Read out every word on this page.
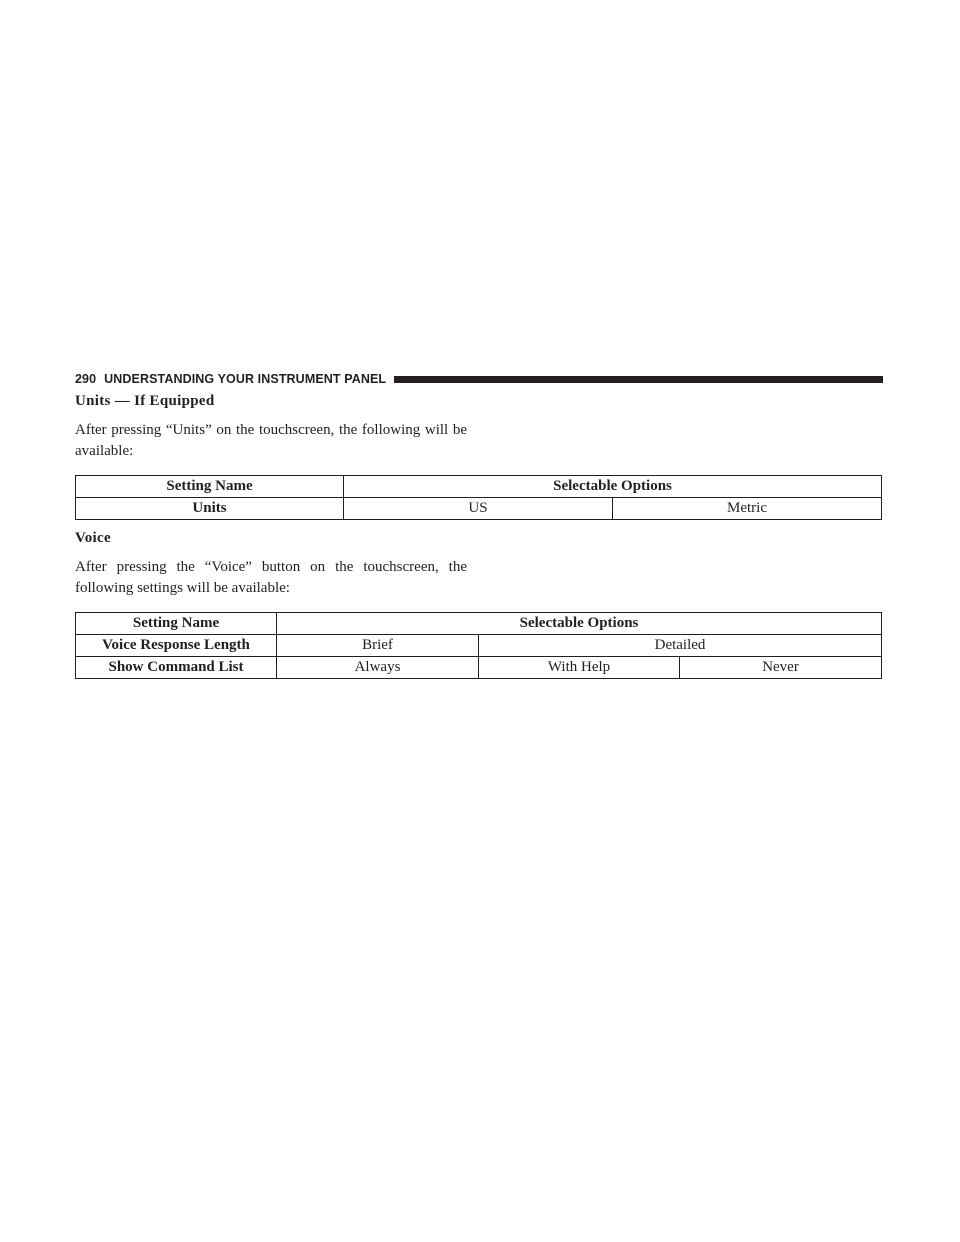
290 UNDERSTANDING YOUR INSTRUMENT PANEL
Units — If Equipped
After pressing “Units” on the touchscreen, the following will be available:
Setting Name	Selectable Options	
Units	US	Metric
Voice
After pressing the “Voice” button on the touchscreen, the following settings will be available:
Setting Name	Selectable Options		
Voice Response Length	Brief	Detailed	
Show Command List	Always	With Help	Never
